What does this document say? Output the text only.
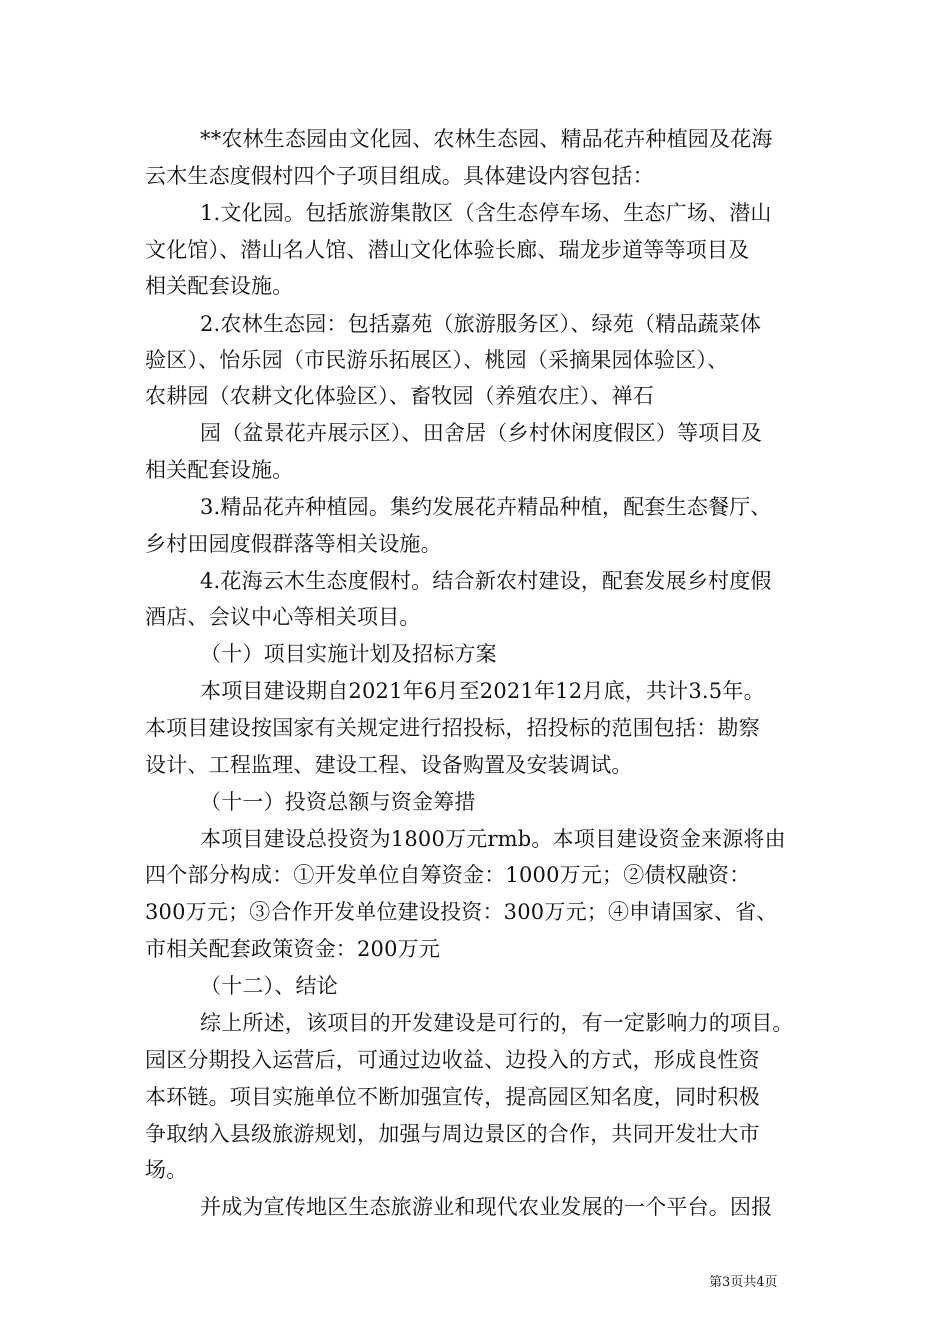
**农林生态园由文化园、农林生态园、精品花卉种植园及花海
云木生态度假村四个子项目组成。具体建设内容包括：
1.文化园。包括旅游集散区（含生态停车场、生态广场、潜山
文化馆）、潜山名人馆、潜山文化体验长廊、瑞龙步道等等项目及
相关配套设施。
2.农林生态园：包括嘉苑（旅游服务区）、绿苑（精品蔬菜体
验区）、怡乐园（市民游乐拓展区）、桃园（采摘果园体验区）、
农耕园（农耕文化体验区）、畜牧园（养殖农庄）、禅石
园（盆景花卉展示区）、田舍居（乡村休闲度假区）等项目及
相关配套设施。
3.精品花卉种植园。集约发展花卉精品种植，配套生态餐厅、
乡村田园度假群落等相关设施。
4.花海云木生态度假村。结合新农村建设，配套发展乡村度假
酒店、会议中心等相关项目。
（十）项目实施计划及招标方案
本项目建设期自2021年6月至2021年12月底，共计3.5年。
本项目建设按国家有关规定进行招投标，招投标的范围包括：勘察
设计、工程监理、建设工程、设备购置及安装调试。
（十一）投资总额与资金筹措
本项目建设总投资为1800万元rmb。本项目建设资金来源将由
四个部分构成：①开发单位自筹资金：1000万元；②债权融资：
300万元；③合作开发单位建设投资：300万元；④申请国家、省、
市相关配套政策资金：200万元
（十二）、结论
综上所述，该项目的开发建设是可行的，有一定影响力的项目。
园区分期投入运营后，可通过边收益、边投入的方式，形成良性资
本环链。项目实施单位不断加强宣传，提高园区知名度，同时积极
争取纳入县级旅游规划，加强与周边景区的合作，共同开发壮大市
场。
并成为宣传地区生态旅游业和现代农业发展的一个平台。因报
第3页共4页
